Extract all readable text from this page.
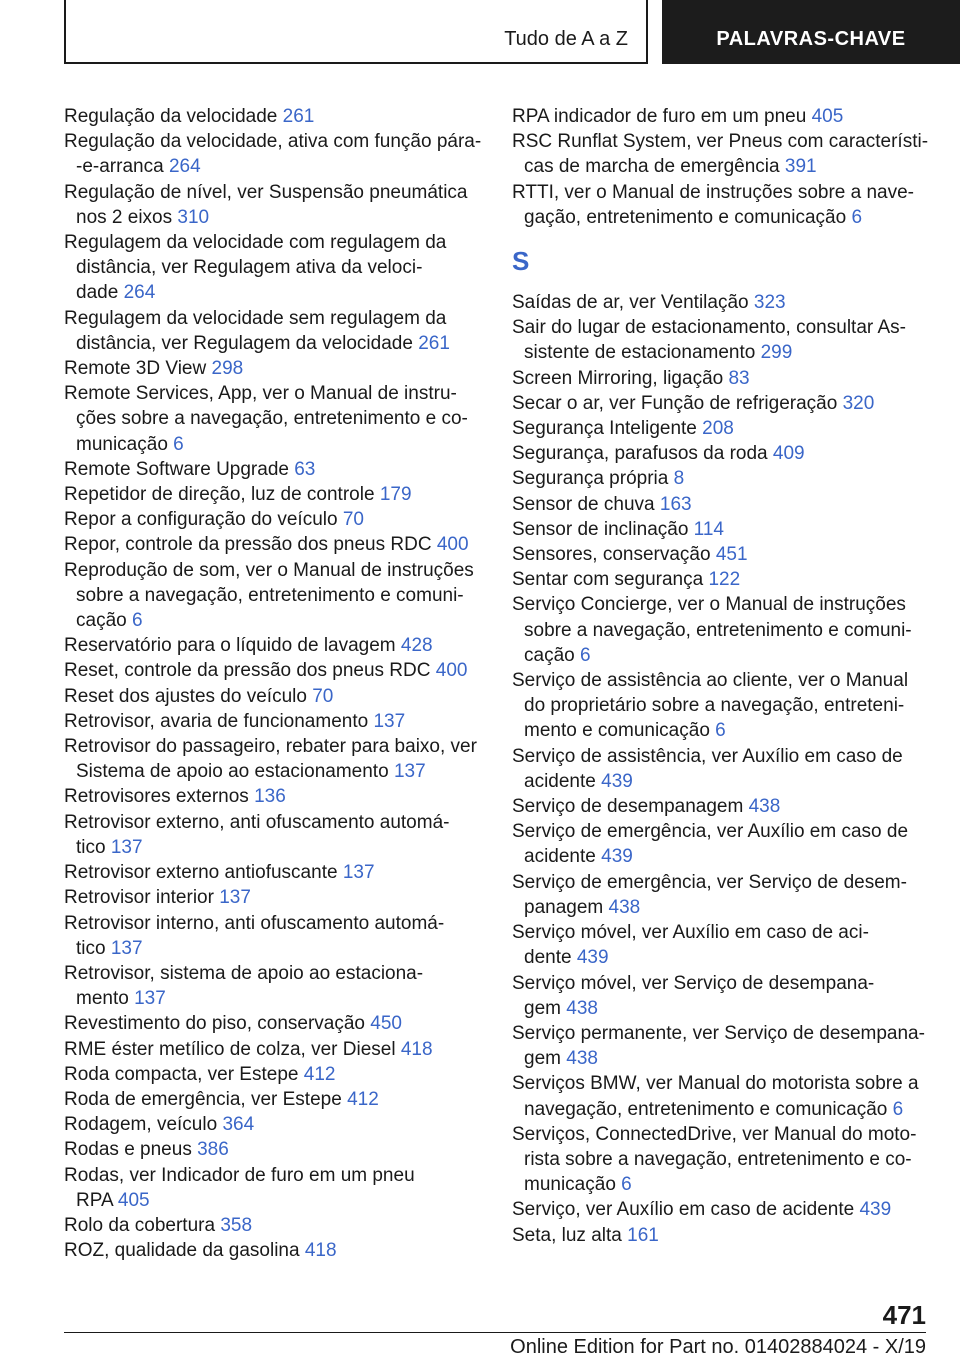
Tudo de A a Z	PALAVRAS-CHAVE
Regulação da velocidade 261
Regulação da velocidade, ativa com função pára-
-e-arranca 264
Regulação de nível, ver Suspensão pneumática
nos 2 eixos 310
Regulagem da velocidade com regulagem da
distância, ver Regulagem ativa da veloci-
dade 264
Regulagem da velocidade sem regulagem da
distância, ver Regulagem da velocidade 261
Remote 3D View 298
Remote Services, App, ver o Manual de instru-
ções sobre a navegação, entretenimento e co-
municação 6
Remote Software Upgrade 63
Repetidor de direção, luz de controle 179
Repor a configuração do veículo 70
Repor, controle da pressão dos pneus RDC 400
Reprodução de som, ver o Manual de instruções
sobre a navegação, entretenimento e comuni-
cação 6
Reservatório para o líquido de lavagem 428
Reset, controle da pressão dos pneus RDC 400
Reset dos ajustes do veículo 70
Retrovisor, avaria de funcionamento 137
Retrovisor do passageiro, rebater para baixo, ver
Sistema de apoio ao estacionamento 137
Retrovisores externos 136
Retrovisor externo, anti ofuscamento automá-
tico 137
Retrovisor externo antiofuscante 137
Retrovisor interior 137
Retrovisor interno, anti ofuscamento automá-
tico 137
Retrovisor, sistema de apoio ao estaciona-
mento 137
Revestimento do piso, conservação 450
RME éster metílico de colza, ver Diesel 418
Roda compacta, ver Estepe 412
Roda de emergência, ver Estepe 412
Rodagem, veículo 364
Rodas e pneus 386
Rodas, ver Indicador de furo em um pneu
RPA 405
Rolo da cobertura 358
ROZ, qualidade da gasolina 418
RPA indicador de furo em um pneu 405
RSC Runflat System, ver Pneus com característi-
cas de marcha de emergência 391
RTTI, ver o Manual de instruções sobre a nave-
gação, entretenimento e comunicação 6
S
Saídas de ar, ver Ventilação 323
Sair do lugar de estacionamento, consultar As-
sistente de estacionamento 299
Screen Mirroring, ligação 83
Secar o ar, ver Função de refrigeração 320
Segurança Inteligente 208
Segurança, parafusos da roda 409
Segurança própria 8
Sensor de chuva 163
Sensor de inclinação 114
Sensores, conservação 451
Sentar com segurança 122
Serviço Concierge, ver o Manual de instruções
sobre a navegação, entretenimento e comuni-
cação 6
Serviço de assistência ao cliente, ver o Manual
do proprietário sobre a navegação, entreteni-
mento e comunicação 6
Serviço de assistência, ver Auxílio em caso de
acidente 439
Serviço de desempanagem 438
Serviço de emergência, ver Auxílio em caso de
acidente 439
Serviço de emergência, ver Serviço de desem-
panagem 438
Serviço móvel, ver Auxílio em caso de aci-
dente 439
Serviço móvel, ver Serviço de desempana-
gem 438
Serviço permanente, ver Serviço de desempana-
gem 438
Serviços BMW, ver Manual do motorista sobre a
navegação, entretenimento e comunicação 6
Serviços, ConnectedDrive, ver Manual do moto-
rista sobre a navegação, entretenimento e co-
municação 6
Serviço, ver Auxílio em caso de acidente 439
Seta, luz alta 161
471
Online Edition for Part no. 01402884024 - X/19
